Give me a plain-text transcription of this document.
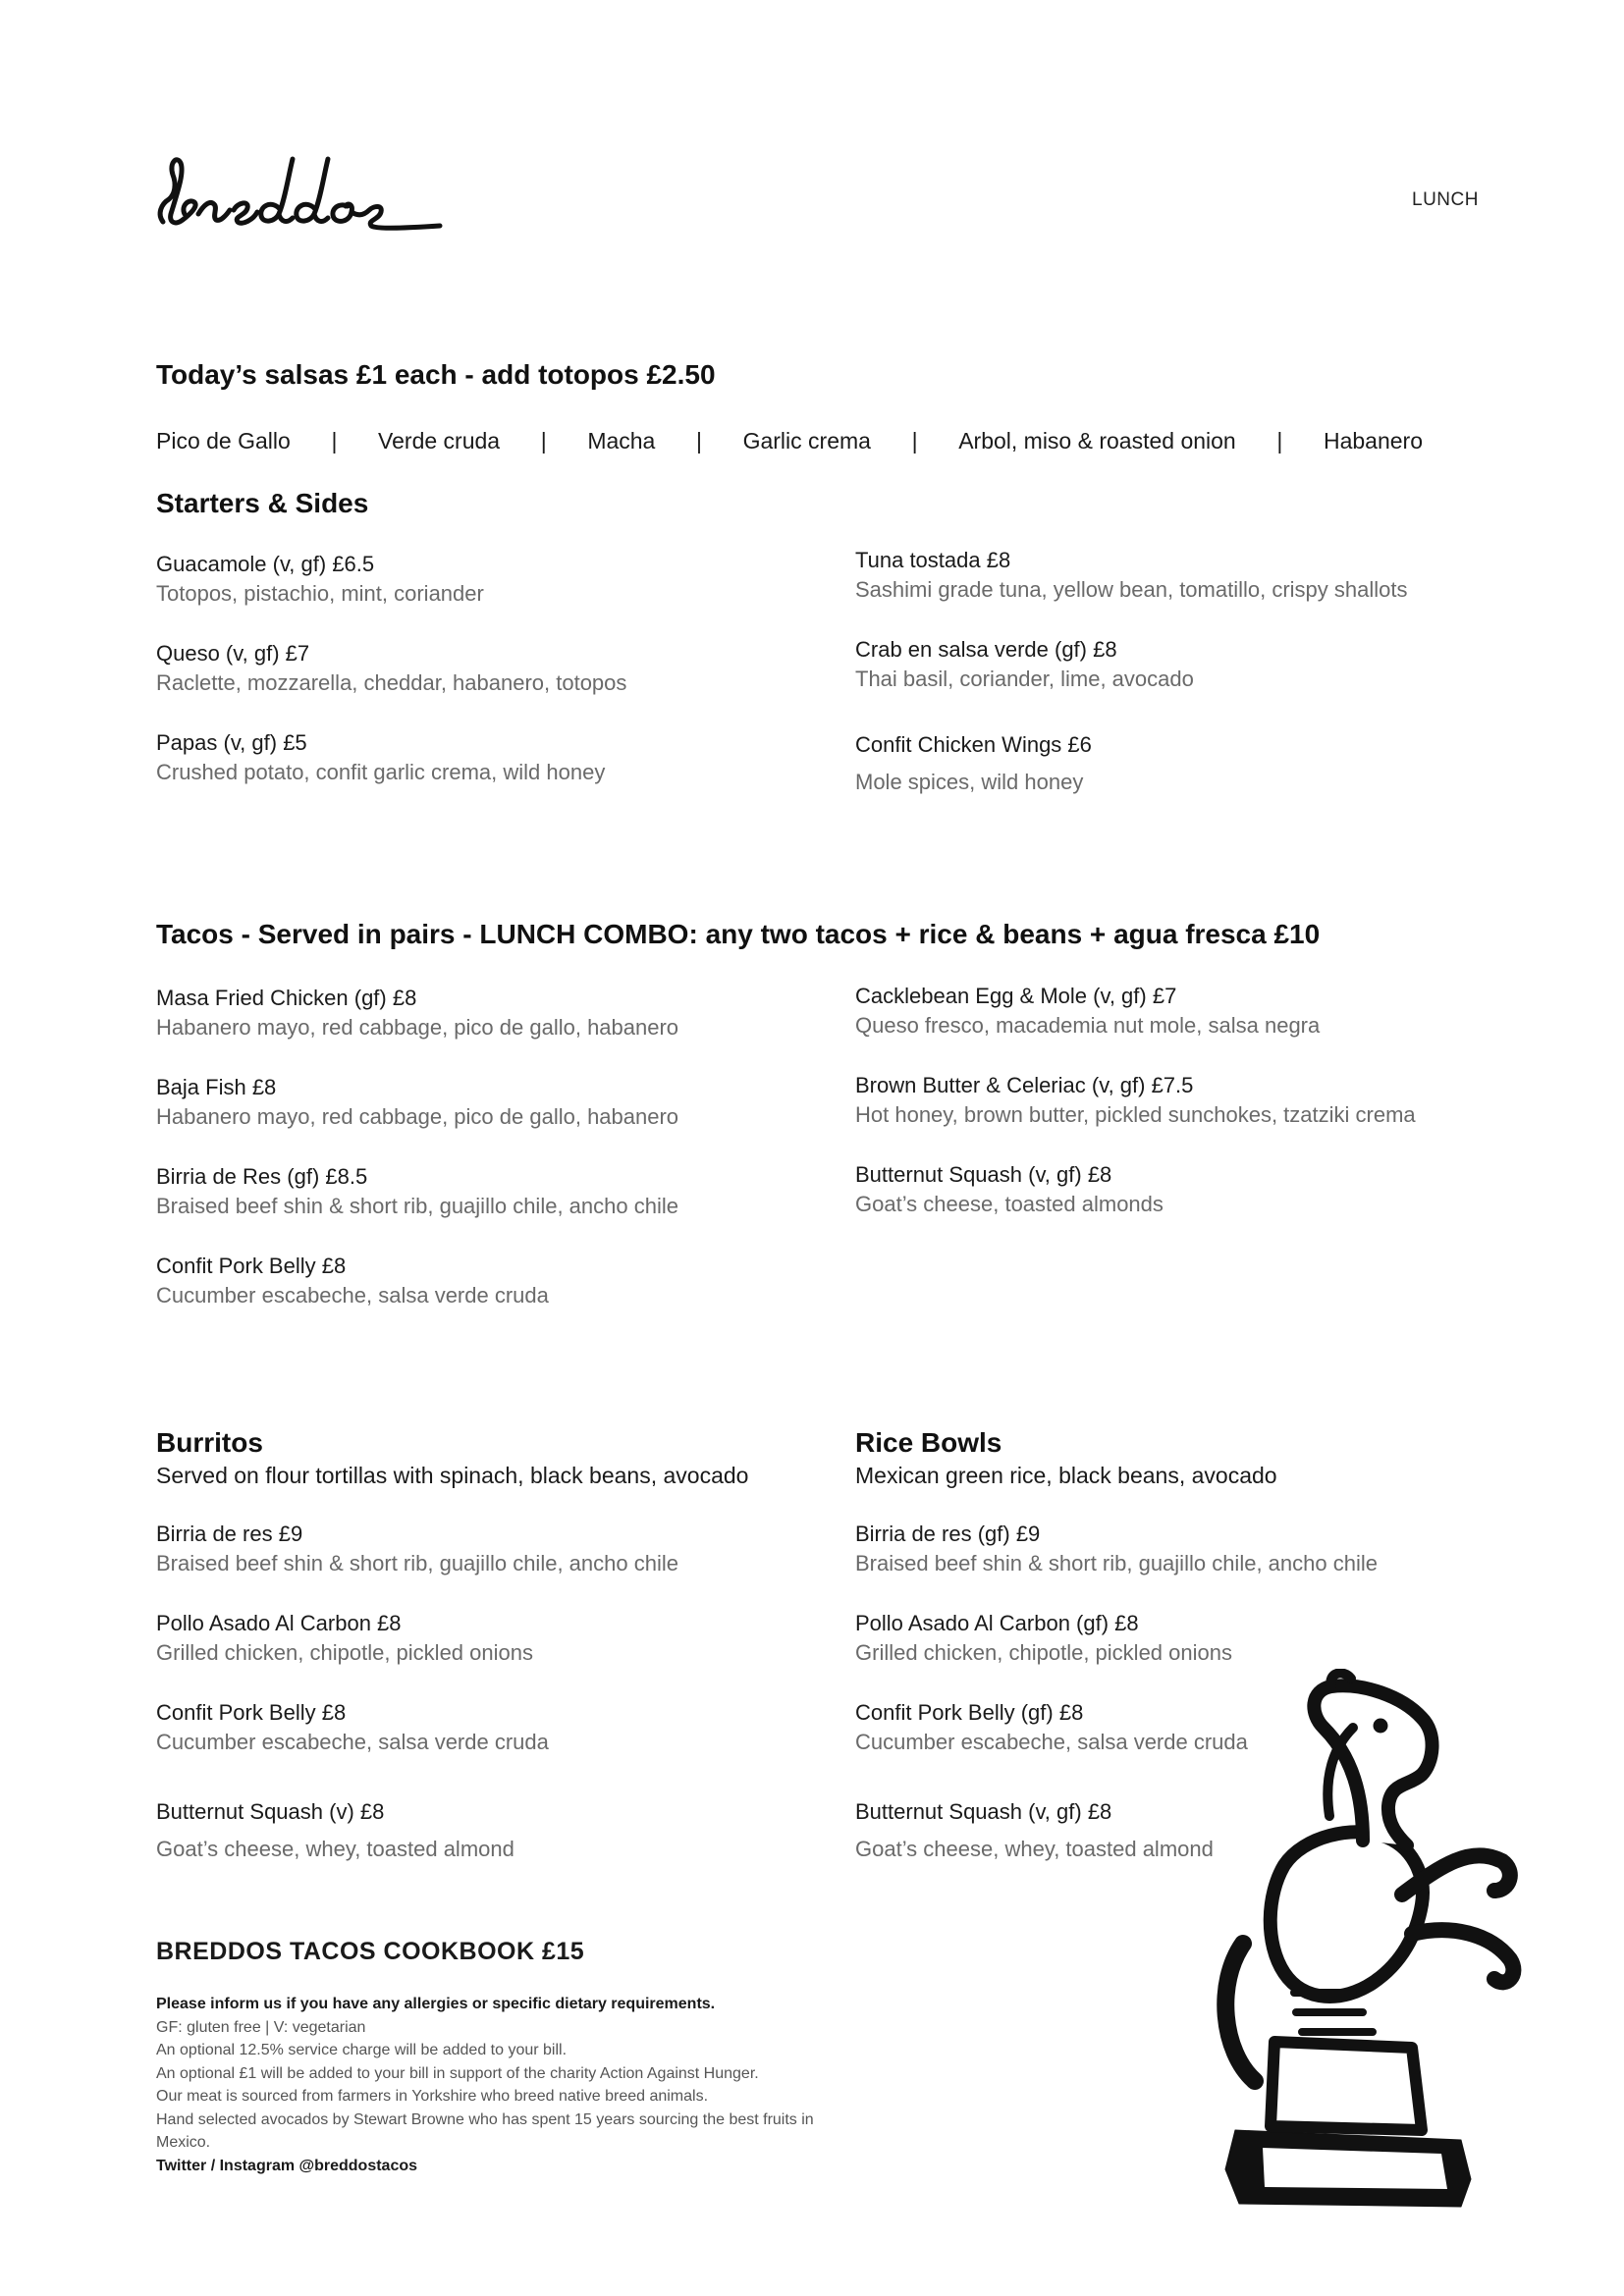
LUNCH
Today’s salsas £1 each - add totopos £2.50
Pico de Gallo | Verde cruda | Macha | Garlic crema | Arbol, miso & roasted onion | Habanero
Starters & Sides
Guacamole (v, gf) £6.5
Totopos, pistachio, mint, coriander
Queso (v, gf) £7
Raclette, mozzarella, cheddar, habanero, totopos
Papas (v, gf) £5
Crushed potato, confit garlic crema, wild honey
Tuna tostada £8
Sashimi grade tuna, yellow bean, tomatillo, crispy shallots
Crab en salsa verde (gf) £8
Thai basil, coriander, lime, avocado
Confit Chicken Wings £6
Mole spices, wild honey
Tacos - Served in pairs - LUNCH COMBO: any two tacos + rice & beans + agua fresca £10
Masa Fried Chicken (gf) £8
Habanero mayo, red cabbage, pico de gallo, habanero
Baja Fish £8
Habanero mayo, red cabbage, pico de gallo, habanero
Birria de Res (gf) £8.5
Braised beef shin & short rib, guajillo chile, ancho chile
Confit Pork Belly £8
Cucumber escabeche, salsa verde cruda
Cacklebean Egg & Mole (v, gf) £7
Queso fresco, macademia nut mole, salsa negra
Brown Butter & Celeriac (v, gf) £7.5
Hot honey, brown butter, pickled sunchokes, tzatziki crema
Butternut Squash (v, gf) £8
Goat’s cheese, toasted almonds
Burritos
Served on flour tortillas with spinach, black beans, avocado
Birria de res £9
Braised beef shin & short rib, guajillo chile, ancho chile
Pollo Asado Al Carbon £8
Grilled chicken, chipotle, pickled onions
Confit Pork Belly £8
Cucumber escabeche, salsa verde cruda
Butternut Squash (v) £8
Goat’s cheese, whey, toasted almond
Rice Bowls
Mexican green rice, black beans, avocado
Birria de res (gf) £9
Braised beef shin & short rib, guajillo chile, ancho chile
Pollo Asado Al Carbon (gf) £8
Grilled chicken, chipotle, pickled onions
Confit Pork Belly (gf) £8
Cucumber escabeche, salsa verde cruda
Butternut Squash (v, gf) £8
Goat’s cheese, whey, toasted almond
BREDDOS TACOS COOKBOOK £15
Please inform us if you have any allergies or specific dietary requirements.
GF: gluten free | V: vegetarian
An optional 12.5% service charge will be added to your bill.
An optional £1 will be added to your bill in support of the charity Action Against Hunger.
Our meat is sourced from farmers in Yorkshire who breed native breed animals.
Hand selected avocados by Stewart Browne who has spent 15 years sourcing the best fruits in Mexico.
Twitter / Instagram @breddostacos
